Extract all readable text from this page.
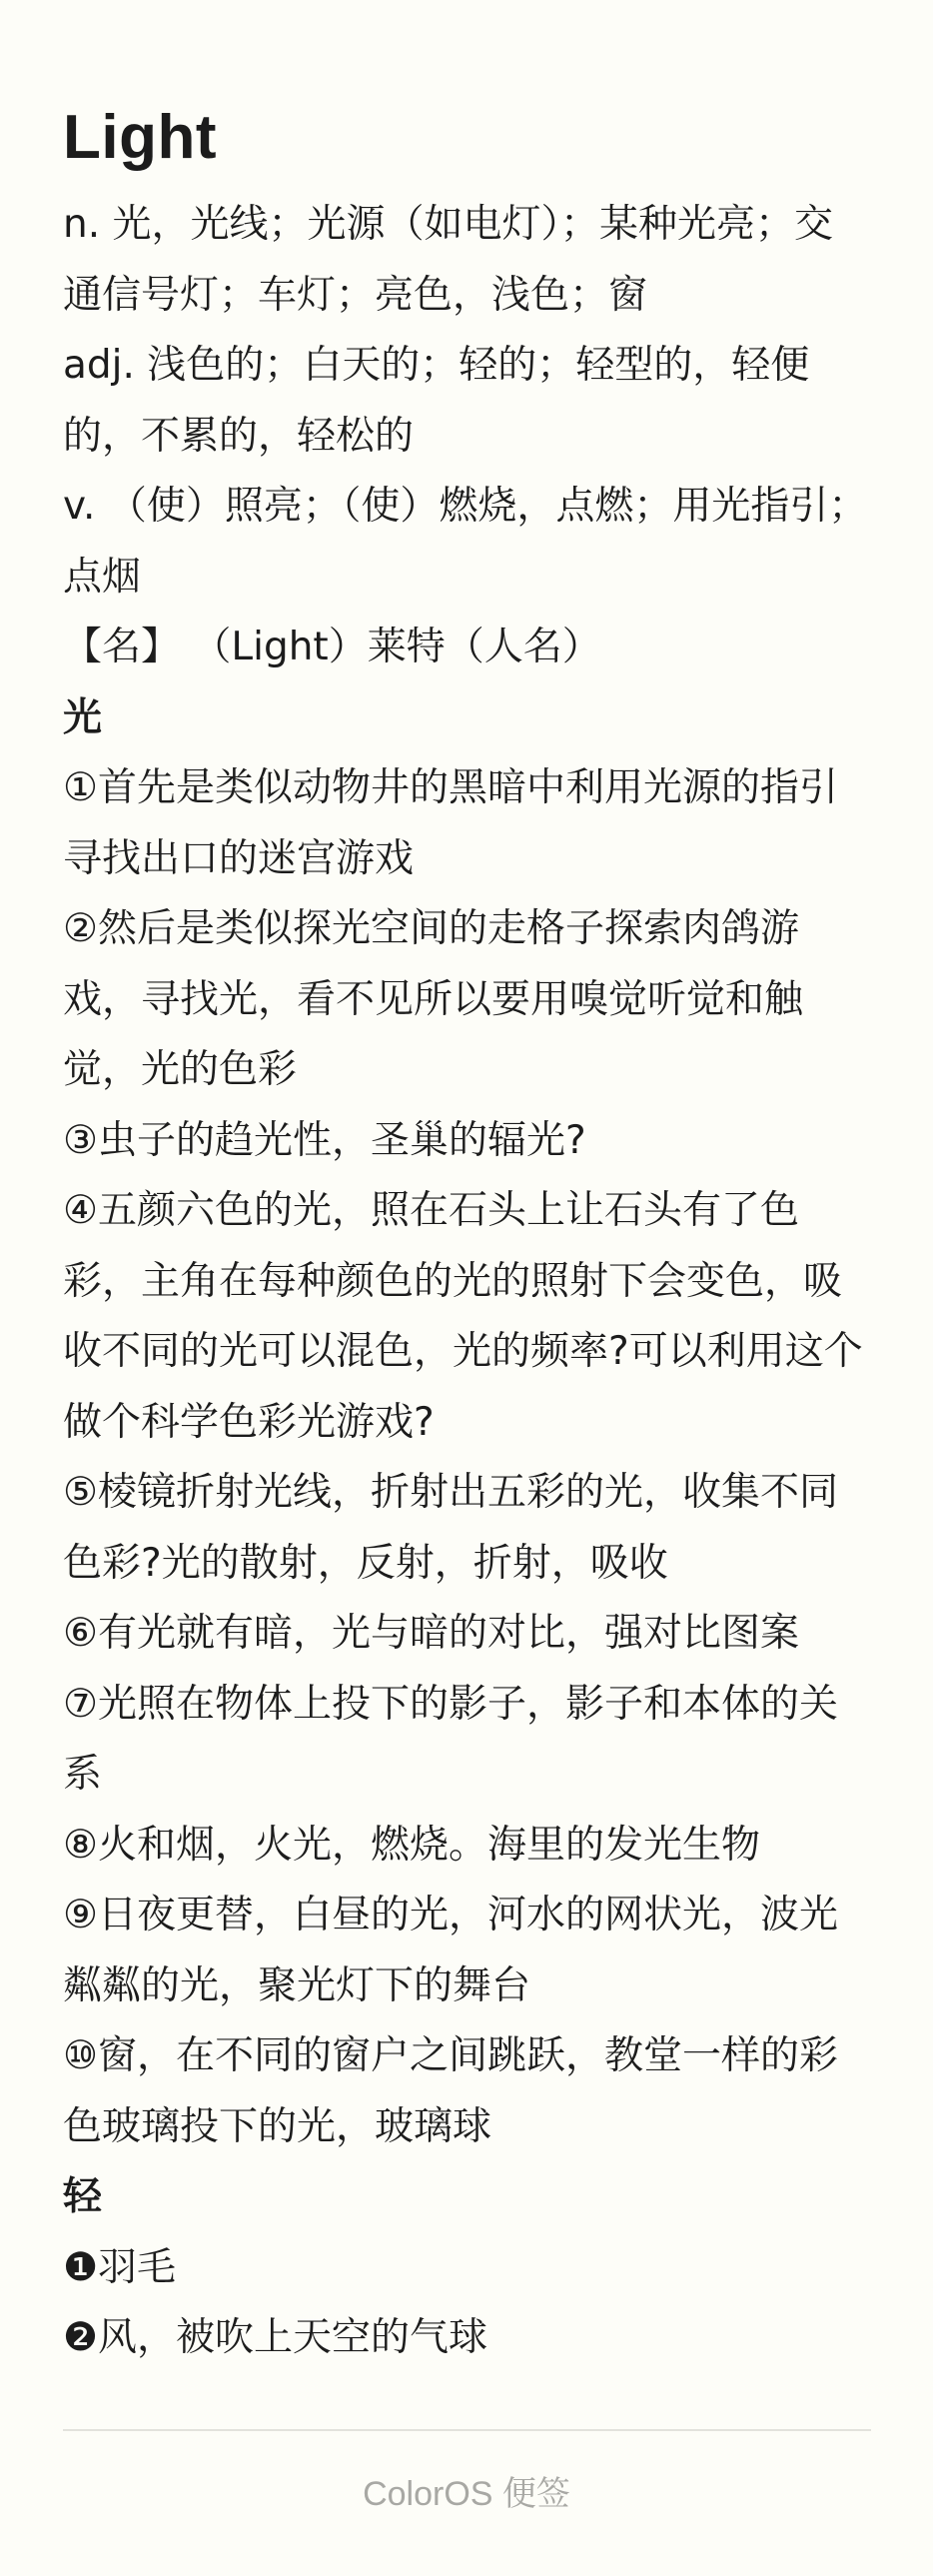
Light
n. 光，光线；光源（如电灯）；某种光亮；交通信号灯；车灯；亮色，浅色；窗
adj. 浅色的；白天的；轻的；轻型的，轻便的，不累的，轻松的
v. （使）照亮；（使）燃烧，点燃；用光指引；点烟
【名】 （Light）莱特（人名）
光
①首先是类似动物井的黑暗中利用光源的指引寻找出口的迷宫游戏
②然后是类似探光空间的走格子探索肉鸽游戏，寻找光，看不见所以要用嗅觉听觉和触觉，光的色彩
③虫子的趋光性，圣巢的辐光?
④五颜六色的光，照在石头上让石头有了色彩，主角在每种颜色的光的照射下会变色，吸收不同的光可以混色，光的频率?可以利用这个做个科学色彩光游戏?
⑤棱镜折射光线，折射出五彩的光，收集不同色彩?光的散射，反射，折射，吸收
⑥有光就有暗，光与暗的对比，强对比图案
⑦光照在物体上投下的影子，影子和本体的关系
⑧火和烟，火光，燃烧。海里的发光生物
⑨日夜更替，白昼的光，河水的网状光，波光粼粼的光，聚光灯下的舞台
⑩窗，在不同的窗户之间跳跃，教堂一样的彩色玻璃投下的光，玻璃球
轻
❶羽毛
❷风，被吹上天空的气球
ColorOS 便签
